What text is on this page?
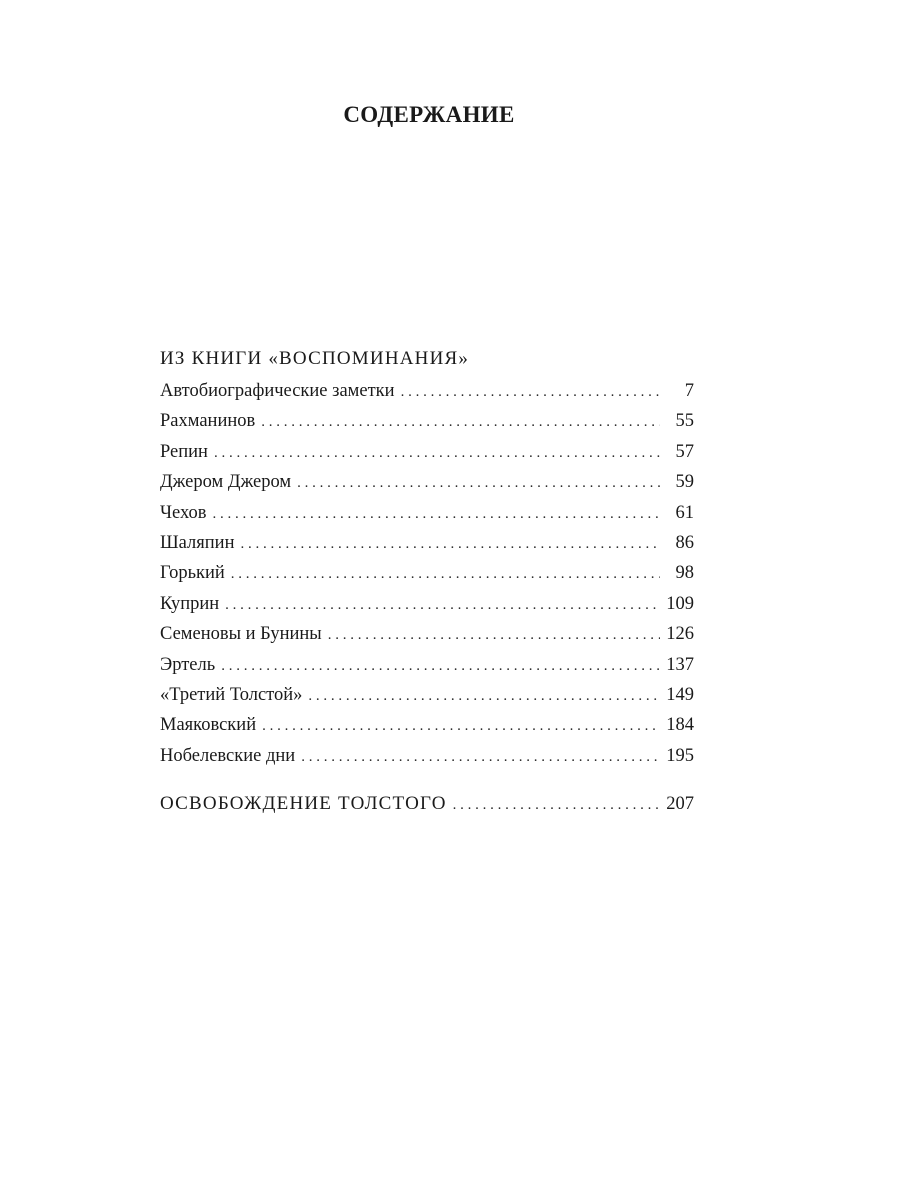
СОДЕРЖАНИЕ
ИЗ КНИГИ «ВОСПОМИНАНИЯ»
Автобиографические заметки . . .	7
Рахманинов . . .	55
Репин . . .	57
Джером Джером . . .	59
Чехов . . .	61
Шаляпин . . .	86
Горький . . .	98
Куприн . . .	109
Семеновы и Бунины . . .	126
Эртель . . .	137
«Третий Толстой» . . .	149
Маяковский . . .	184
Нобелевские дни . . .	195
ОСВОБОЖДЕНИЕ ТОЛСТОГО . . .	207
